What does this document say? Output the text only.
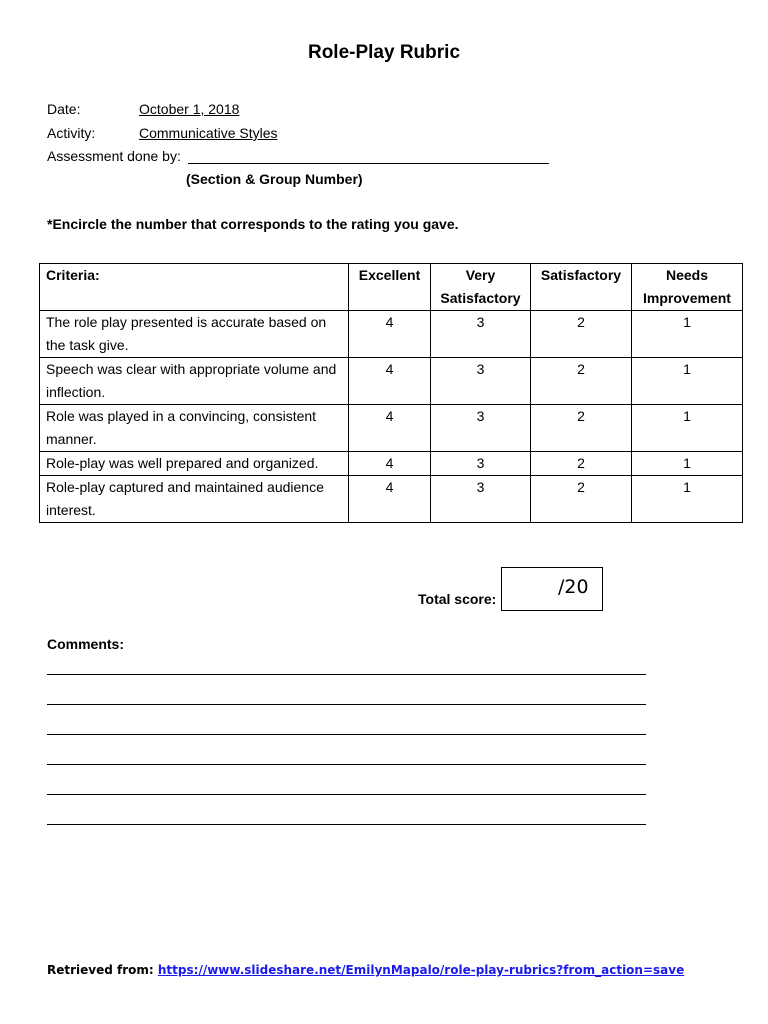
Role-Play Rubric
Date:	October 1, 2018
Activity:	Communicative Styles
Assessment done by:
(Section & Group Number)
*Encircle the number that corresponds to the rating you gave.
Criteria:	Excellent	Very Satisfactory	Satisfactory	Needs Improvement
The role play presented is accurate based on the task give.	4	3	2	1
Speech was clear with appropriate volume and inflection.	4	3	2	1
Role was played in a convincing, consistent manner.	4	3	2	1
Role-play was well prepared and organized.	4	3	2	1
Role-play captured and maintained audience interest.	4	3	2	1
Total score:
/20
Comments:
Retrieved from: https://www.slideshare.net/EmilynMapalo/role-play-rubrics?from_action=save
